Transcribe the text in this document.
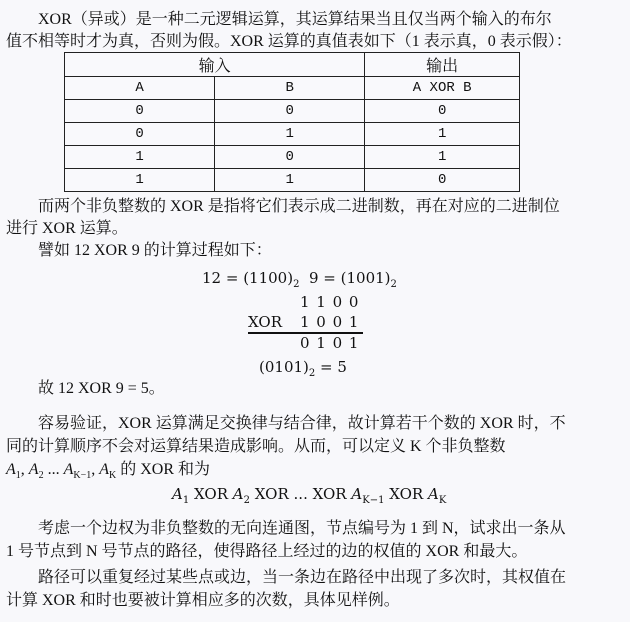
XOR（异或）是一种二元逻辑运算，其运算结果当且仅当两个输入的布尔
值不相等时才为真，否则为假。XOR 运算的真值表如下（1 表示真，0 表示假）：
输入		输出
A	B	A XOR B
0	0	0
0	1	1
1	0	1
1	1	0
而两个非负整数的 XOR 是指将它们表示成二进制数，再在对应的二进制位
进行 XOR 运算。
譬如 12 XOR 9 的计算过程如下：
$12 = (1100)_2$ $9 = (1001)_2$
1 1 0 0
XOR 1 0 0 1
0 1 0 1
$(0101)_2 = 5$
故 12 XOR 9 = 5。
容易验证，XOR 运算满足交换律与结合律，故计算若干个数的 XOR 时，不
同的计算顺序不会对运算结果造成影响。从而，可以定义 K 个非负整数
$A_1$, $A_2$ ... $A_{K-1}$, $A_K$ 的 XOR 和为
$A_1$ XOR $A_2$ XOR ... XOR $A_{K-1}$ XOR $A_K$
考虑一个边权为非负整数的无向连通图，节点编号为 1 到 N，试求出一条从
1 号节点到 N 号节点的路径，使得路径上经过的边的权值的 XOR 和最大。
路径可以重复经过某些点或边，当一条边在路径中出现了多次时，其权值在
计算 XOR 和时也要被计算相应多的次数，具体见样例。
